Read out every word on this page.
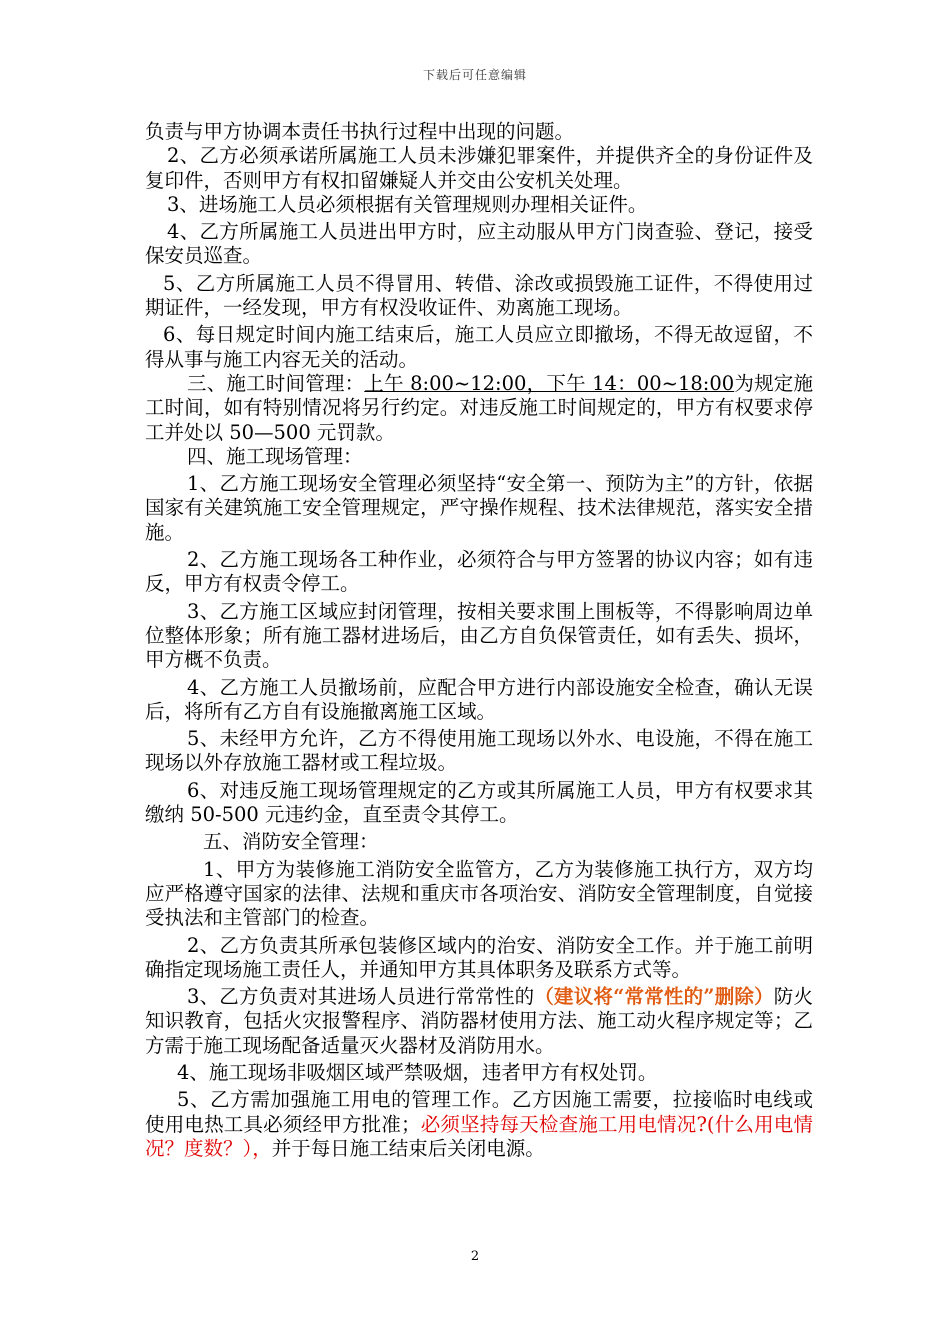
下载后可任意编辑

负责与甲方协调本责任书执行过程中出现的问题。

2、乙方必须承诺所属施工人员未涉嫌犯罪案件，并提供齐全的身份证件及复印件，否则甲方有权扣留嫌疑人并交由公安机关处理。

3、进场施工人员必须根据有关管理规则办理相关证件。

4、乙方所属施工人员进出甲方时，应主动服从甲方门岗查验、登记，接受保安员巡查。

5、乙方所属施工人员不得冒用、转借、涂改或损毁施工证件，不得使用过期证件，一经发现，甲方有权没收证件、劝离施工现场。

6、每日规定时间内施工结束后，施工人员应立即撤场，不得无故逗留，不得从事与施工内容无关的活动。

三、施工时间管理：上午 8:00~12:00，下午 14：00~18:00为规定施工时间，如有特别情况将另行约定。对违反施工时间规定的，甲方有权要求停工并处以 50—500 元罚款。

四、施工现场管理：

1、乙方施工现场安全管理必须坚持“安全第一、预防为主”的方针，依据国家有关建筑施工安全管理规定，严守操作规程、技术法律规范，落实安全措施。

2、乙方施工现场各工种作业，必须符合与甲方签署的协议内容；如有违反，甲方有权责令停工。

3、乙方施工区域应封闭管理，按相关要求围上围板等，不得影响周边单位整体形象；所有施工器材进场后，由乙方自负保管责任，如有丢失、损坏，甲方概不负责。

4、乙方施工人员撤场前，应配合甲方进行内部设施安全检查，确认无误后，将所有乙方自有设施撤离施工区域。

5、未经甲方允许，乙方不得使用施工现场以外水、电设施，不得在施工现场以外存放施工器材或工程垃圾。

6、对违反施工现场管理规定的乙方或其所属施工人员，甲方有权要求其缴纳 50-500 元违约金，直至责令其停工。

五、消防安全管理：

1、甲方为装修施工消防安全监管方，乙方为装修施工执行方，双方均应严格遵守国家的法律、法规和重庆市各项治安、消防安全管理制度，自觉接受执法和主管部门的检查。

2、乙方负责其所承包装修区域内的治安、消防安全工作。并于施工前明确指定现场施工责任人，并通知甲方其具体职务及联系方式等。

3、乙方负责对其进场人员进行常常性的（建议将“常常性的”删除）防火知识教育，包括火灾报警程序、消防器材使用方法、施工动火程序规定等；乙方需于施工现场配备适量灭火器材及消防用水。

4、施工现场非吸烟区域严禁吸烟，违者甲方有权处罚。

5、乙方需加强施工用电的管理工作。乙方因施工需要，拉接临时电线或使用电热工具必须经甲方批准；必须坚持每天检查施工用电情况?(什么用电情况？度数？），并于每日施工结束后关闭电源。

2
